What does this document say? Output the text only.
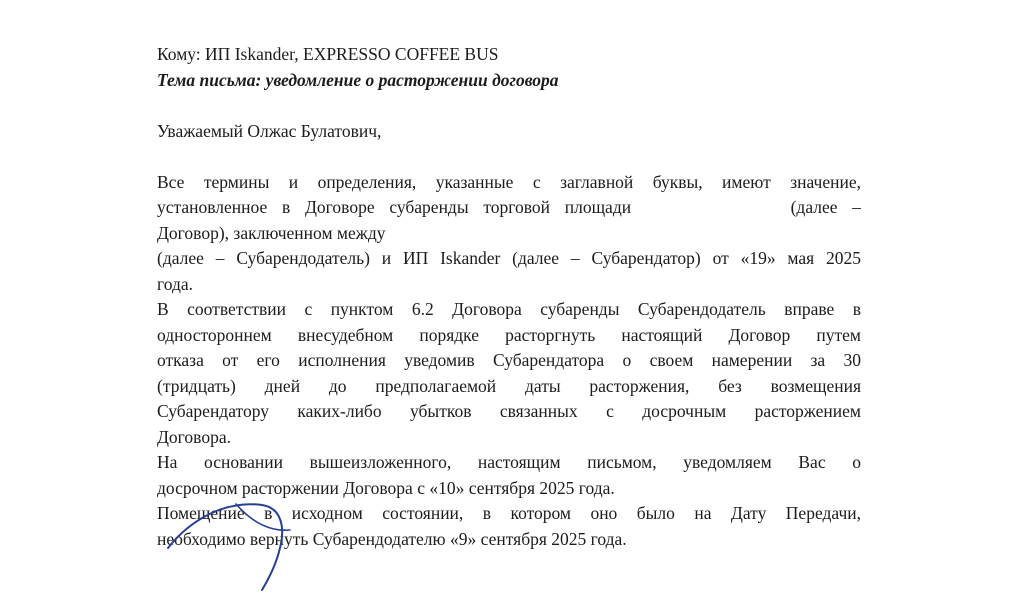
Кому: ИП Iskander, EXPRESSO COFFEE BUS
Тема письма: уведомление о расторжении договора
Уважаемый Олжас Булатович,
Все термины и определения, указанные с заглавной буквы, имеют значение,
установленное в Договоре субаренды торговой площади	(далее –
Договор), заключенном между
(далее – Субарендодатель) и ИП Iskander (далее – Субарендатор) от «19» мая 2025
года.
В соответствии с пунктом 6.2 Договора субаренды Субарендодатель вправе в
одностороннем внесудебном порядке расторгнуть настоящий Договор путем
отказа от его исполнения уведомив Субарендатора о своем намерении за 30
(тридцать) дней до предполагаемой даты расторжения, без возмещения
Субарендатору каких-либо убытков связанных с досрочным расторжением
Договора.
На основании вышеизложенного, настоящим письмом, уведомляем Вас о
досрочном расторжении Договора с «10» сентября 2025 года.
Помещение в исходном состоянии, в котором оно было на Дату Передачи,
необходимо вернуть Субарендодателю «9» сентября 2025 года.
